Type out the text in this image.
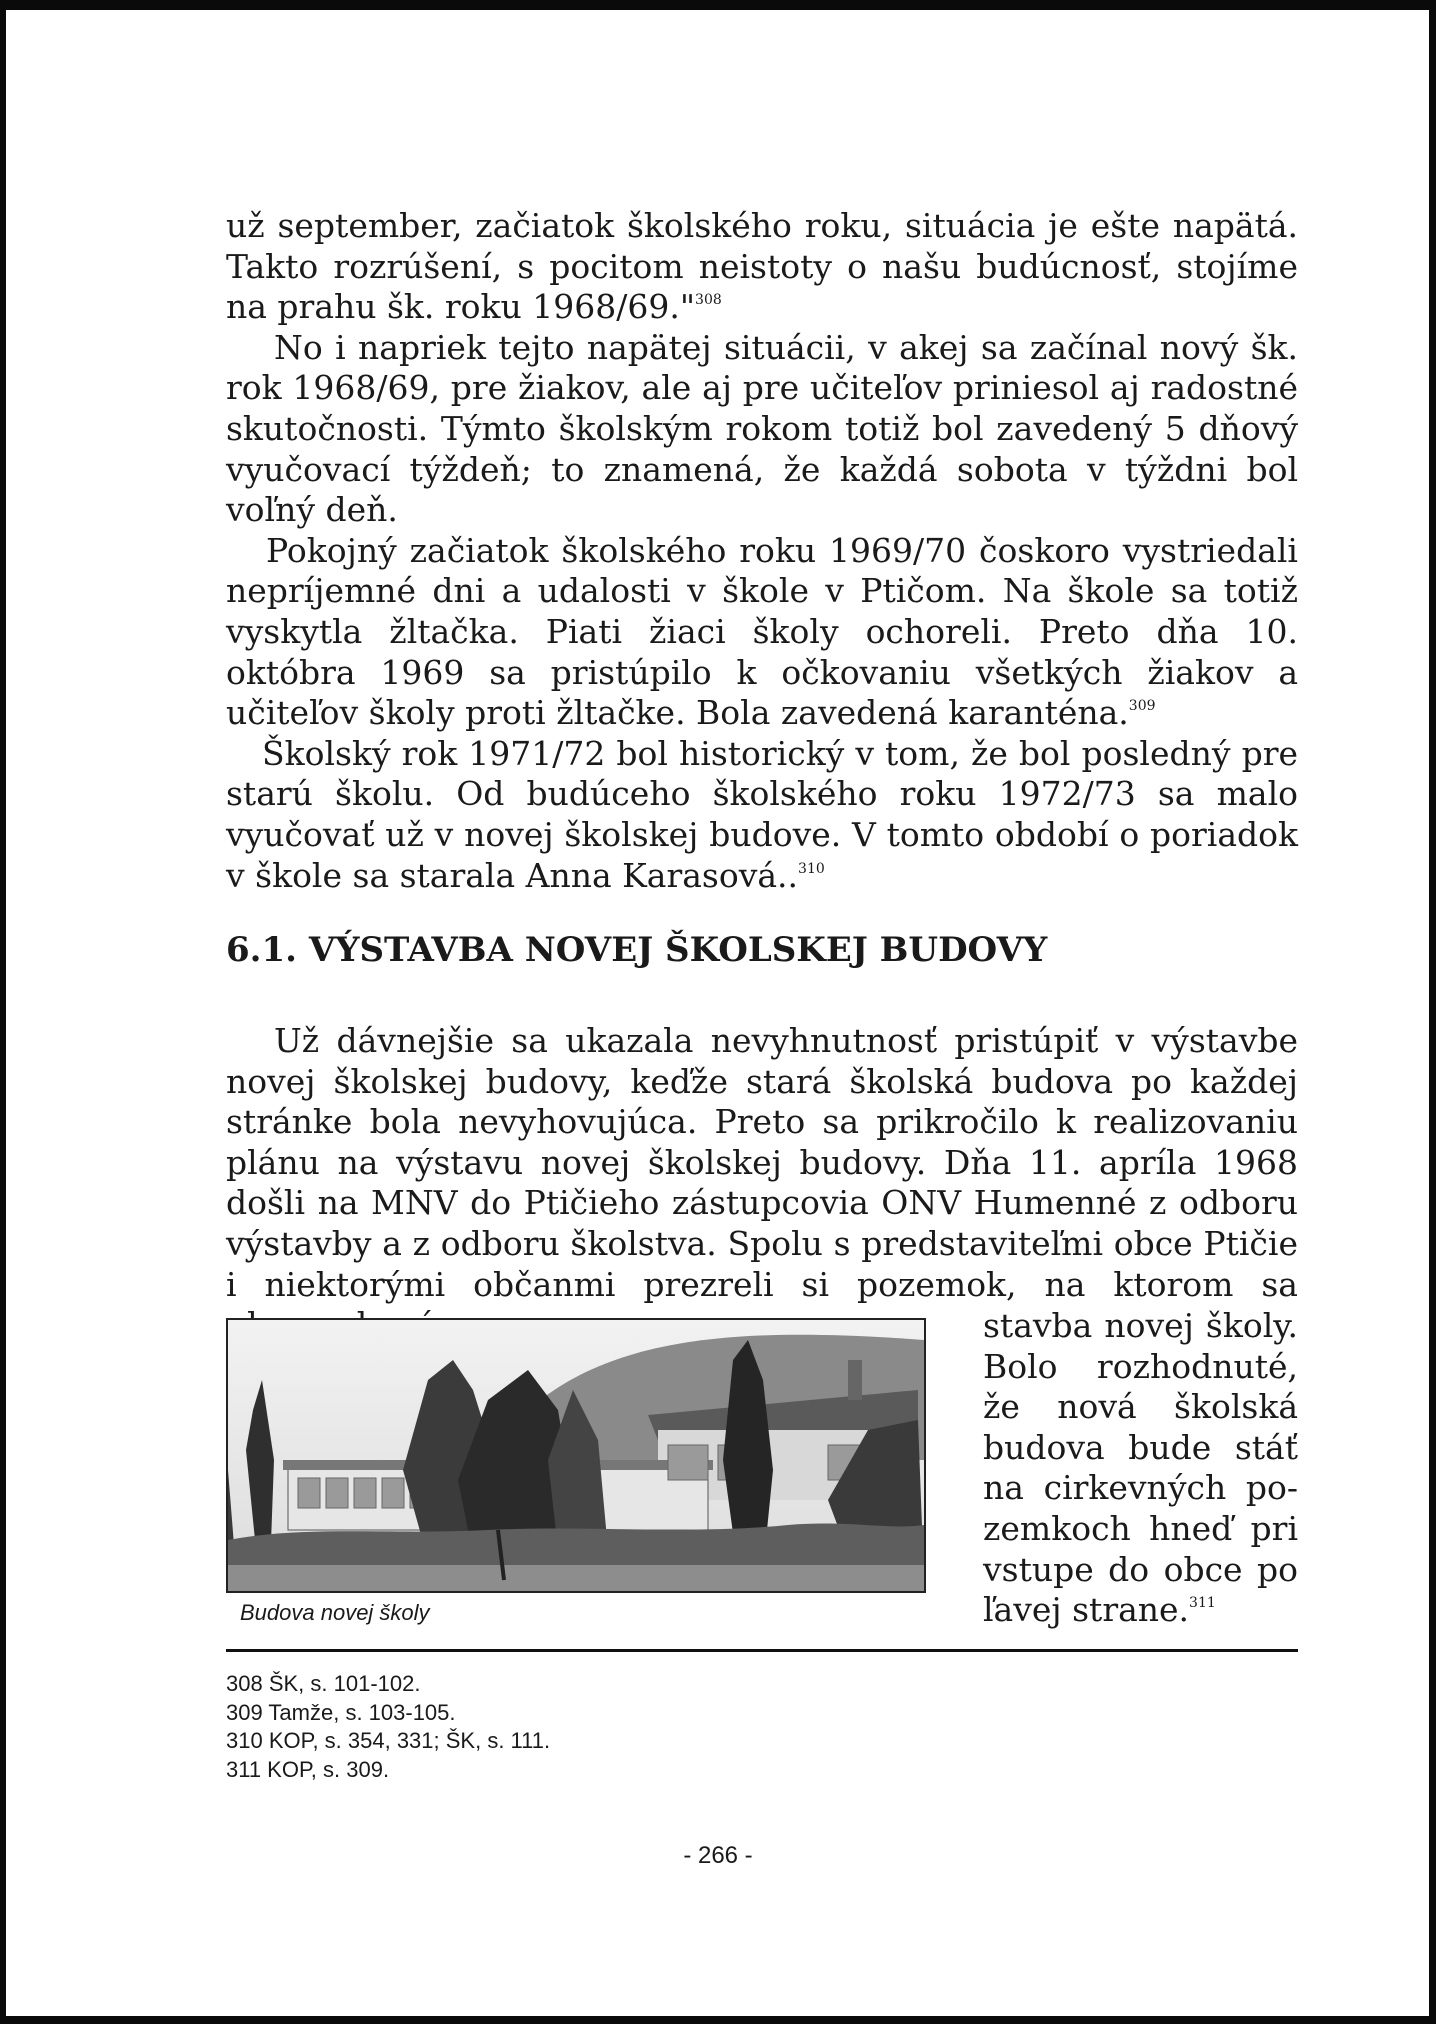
už september, začiatok školského roku, situácia je ešte napätá. Takto rozrúšení, s pocitom neistoty o našu budúcnosť, stojíme na prahu šk. roku 1968/69."$^{308}$

No i napriek tejto napätej situácii, v akej sa začínal nový šk. rok 1968/69, pre žiakov, ale aj pre učiteľov priniesol aj radostné skutočnosti. Týmto školským rokom totiž bol zavedený 5 dňový vyučovací týždeň; to znamená, že každá sobota v týždni bol voľný deň.

Pokojný začiatok školského roku 1969/70 čoskoro vystriedali nepríjemné dni a udalosti v škole v Ptičom. Na škole sa totiž vyskytla žltačka. Piati žiaci školy ochoreli. Preto dňa 10. októbra 1969 sa pristúpilo k očkovaniu všetkých žiakov a učiteľov školy proti žltačke. Bola zavedená karanténa.$^{309}$

Školský rok 1971/72 bol historický v tom, že bol posledný pre starú školu. Od budúceho školského roku 1972/73 sa malo vyučovať už v novej školskej budove. V tomto období o poriadok v škole sa starala Anna Karasová..$^{310}$

6.1. VÝSTAVBA NOVEJ ŠKOLSKEJ BUDOVY

Už dávnejšie sa ukazala nevyhnutnosť pristúpiť v výstavbe novej školskej budovy, keďže stará školská budova po každej stránke bola nevyhovujúca. Preto sa prikročilo k realizovaniu plánu na výstavu novej školskej budovy. Dňa 11. apríla 1968 došli na MNV do Ptičieho zástupcovia ONV Humenné z odboru výstavby a z odboru školstva. Spolu s predstaviteľmi obce Ptičie i niektorými občanmi prezreli si pozemok, na ktorom sa

Budova novej školy
stavba novej školy.
Bolo rozhodnuté,
že nová školská
budova bude stáť
na cirkevných po-
zemkoch hneď pri
vstupe do obce po
ľavej strane.$^{311}$
308 ŠK, s. 101-102.
309 Tamže, s. 103-105.
310 KOP, s. 354, 331; ŠK, s. 111.
311 KOP, s. 309.
- 266 -
